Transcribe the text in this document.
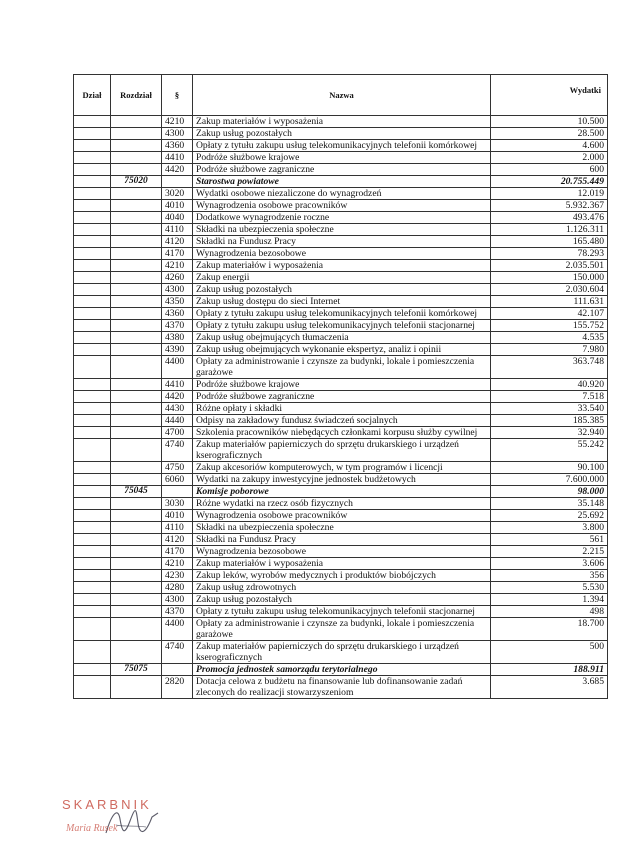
Dział	Rozdział	§	Nazwa	Wydatki
		4210	Zakup materiałów i wyposażenia	10.500
		4300	Zakup usług pozostałych	28.500
		4360	Opłaty z tytułu zakupu usług telekomunikacyjnych telefonii komórkowej	4.600
		4410	Podróże służbowe krajowe	2.000
		4420	Podróże służbowe zagraniczne	600
	75020		Starostwa powiatowe	20.755.449
		3020	Wydatki osobowe niezaliczone do wynagrodzeń	12.019
		4010	Wynagrodzenia osobowe pracowników	5.932.367
		4040	Dodatkowe wynagrodzenie roczne	493.476
		4110	Składki na ubezpieczenia społeczne	1.126.311
		4120	Składki na Fundusz Pracy	165.480
		4170	Wynagrodzenia bezosobowe	78.293
		4210	Zakup materiałów i wyposażenia	2.035.501
		4260	Zakup energii	150.000
		4300	Zakup usług pozostałych	2.030.604
		4350	Zakup usług dostępu do sieci Internet	111.631
		4360	Opłaty z tytułu zakupu usług telekomunikacyjnych telefonii komórkowej	42.107
		4370	Opłaty z tytułu zakupu usług telekomunikacyjnych telefonii stacjonarnej	155.752
		4380	Zakup usług obejmujących tłumaczenia	4.535
		4390	Zakup usług obejmujących wykonanie ekspertyz, analiz i opinii	7.980
		4400	Opłaty za administrowanie i czynsze za budynki, lokale i pomieszczenia garażowe	363.748
		4410	Podróże służbowe krajowe	40.920
		4420	Podróże służbowe zagraniczne	7.518
		4430	Różne opłaty i składki	33.540
		4440	Odpisy na zakładowy fundusz świadczeń socjalnych	185.385
		4700	Szkolenia pracowników niebędących członkami korpusu służby cywilnej	32.940
		4740	Zakup materiałów papierniczych do sprzętu drukarskiego i urządzeń kserograficznych	55.242
		4750	Zakup akcesoriów komputerowych, w tym programów i licencji	90.100
		6060	Wydatki na zakupy inwestycyjne jednostek budżetowych	7.600.000
	75045		Komisje poborowe	98.000
		3030	Różne wydatki na rzecz osób fizycznych	35.148
		4010	Wynagrodzenia osobowe pracowników	25.692
		4110	Składki na ubezpieczenia społeczne	3.800
		4120	Składki na Fundusz Pracy	561
		4170	Wynagrodzenia bezosobowe	2.215
		4210	Zakup materiałów i wyposażenia	3.606
		4230	Zakup leków, wyrobów medycznych i produktów biobójczych	356
		4280	Zakup usług zdrowotnych	5.530
		4300	Zakup usług pozostałych	1.394
		4370	Opłaty z tytułu zakupu usług telekomunikacyjnych telefonii stacjonarnej	498
		4400	Opłaty za administrowanie i czynsze za budynki, lokale i pomieszczenia garażowe	18.700
		4740	Zakup materiałów papierniczych do sprzętu drukarskiego i urządzeń kserograficznych	500
	75075		Promocja jednostek samorządu terytorialnego	188.911
		2820	Dotacja celowa z budżetu na finansowanie lub dofinansowanie zadań zleconych do realizacji stowarzyszeniom	3.685
SKARBNIK
Maria Rusek
